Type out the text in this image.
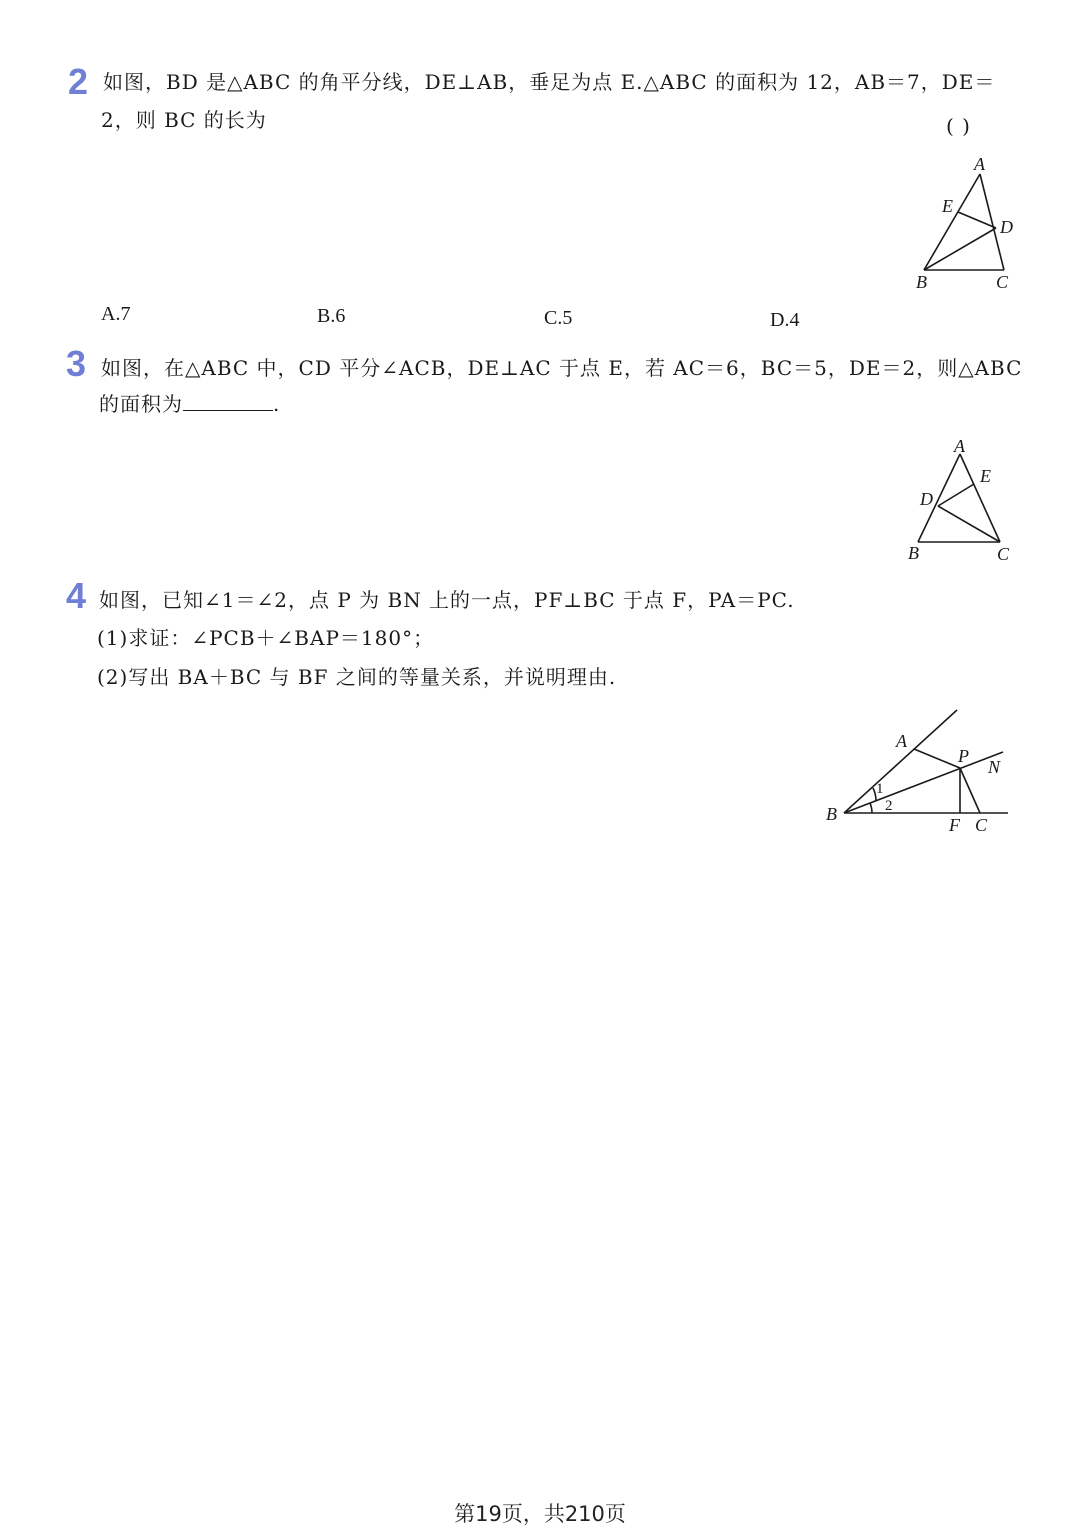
2 如图，BD 是△ABC 的角平分线，DE⊥AB，垂足为点 E.△ABC 的面积为 12，AB＝7，DE＝
2，则 BC 的长为	( )
A
E
D
B	C
A.7	B.6	C.5	D.4
3 如图，在△ABC 中，CD 平分∠ACB，DE⊥AC 于点 E，若 AC＝6，BC＝5，DE＝2，则△ABC
的面积为	.
A
E
D
B	C
4 如图，已知∠1＝∠2，点 P 为 BN 上的一点，PF⊥BC 于点 F，PA＝PC.
(1)求证：∠PCB＋∠BAP＝180°；
(2)写出 BA＋BC 与 BF 之间的等量关系，并说明理由.
A
P
N
B
F C
1
2
第19页，共210页
